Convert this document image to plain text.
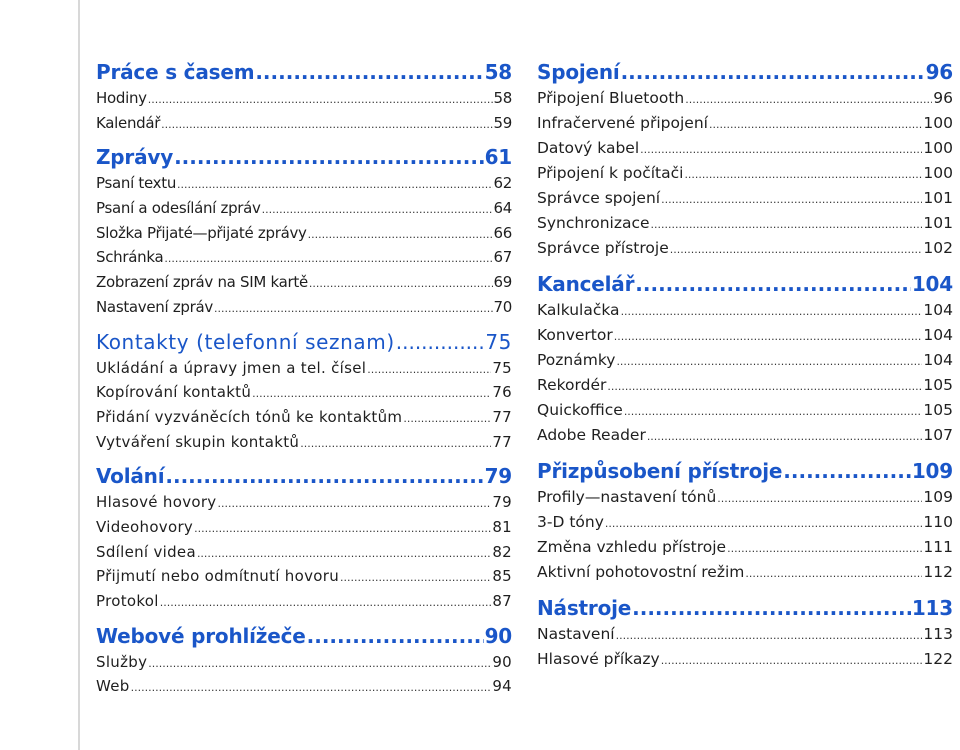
Práce s časem .....	58
Hodiny .....	58
Kalendář .....	59
Zprávy .....	61
Psaní textu .....	62
Psaní a odesílání zpráv .....	64
Složka Přijaté—přijaté zprávy .....	66
Schránka .....	67
Zobrazení zpráv na SIM kartě .....	69
Nastavení zpráv .....	70
Kontakty (telefonní seznam) .....	75
Ukládání a úpravy jmen a tel. čísel .....	75
Kopírování kontaktů .....	76
Přidání vyzváněcích tónů ke kontaktům .....	77
Vytváření skupin kontaktů .....	77
Volání .....	79
Hlasové hovory .....	79
Videohovory .....	81
Sdílení videa .....	82
Přijmutí nebo odmítnutí hovoru .....	85
Protokol .....	87
Webové prohlížeče .....	90
Služby .....	90
Web .....	94
Spojení .....	96
Připojení Bluetooth .....	96
Infračervené připojení .....	100
Datový kabel .....	100
Připojení k počítači .....	100
Správce spojení .....	101
Synchronizace .....	101
Správce přístroje .....	102
Kancelář .....	104
Kalkulačka .....	104
Konvertor .....	104
Poznámky .....	104
Rekordér .....	105
Quickoffice .....	105
Adobe Reader .....	107
Přizpůsobení přístroje .....	109
Profily—nastavení tónů .....	109
3-D tóny .....	110
Změna vzhledu přístroje .....	111
Aktivní pohotovostní režim .....	112
Nástroje .....	113
Nastavení .....	113
Hlasové příkazy .....	122
